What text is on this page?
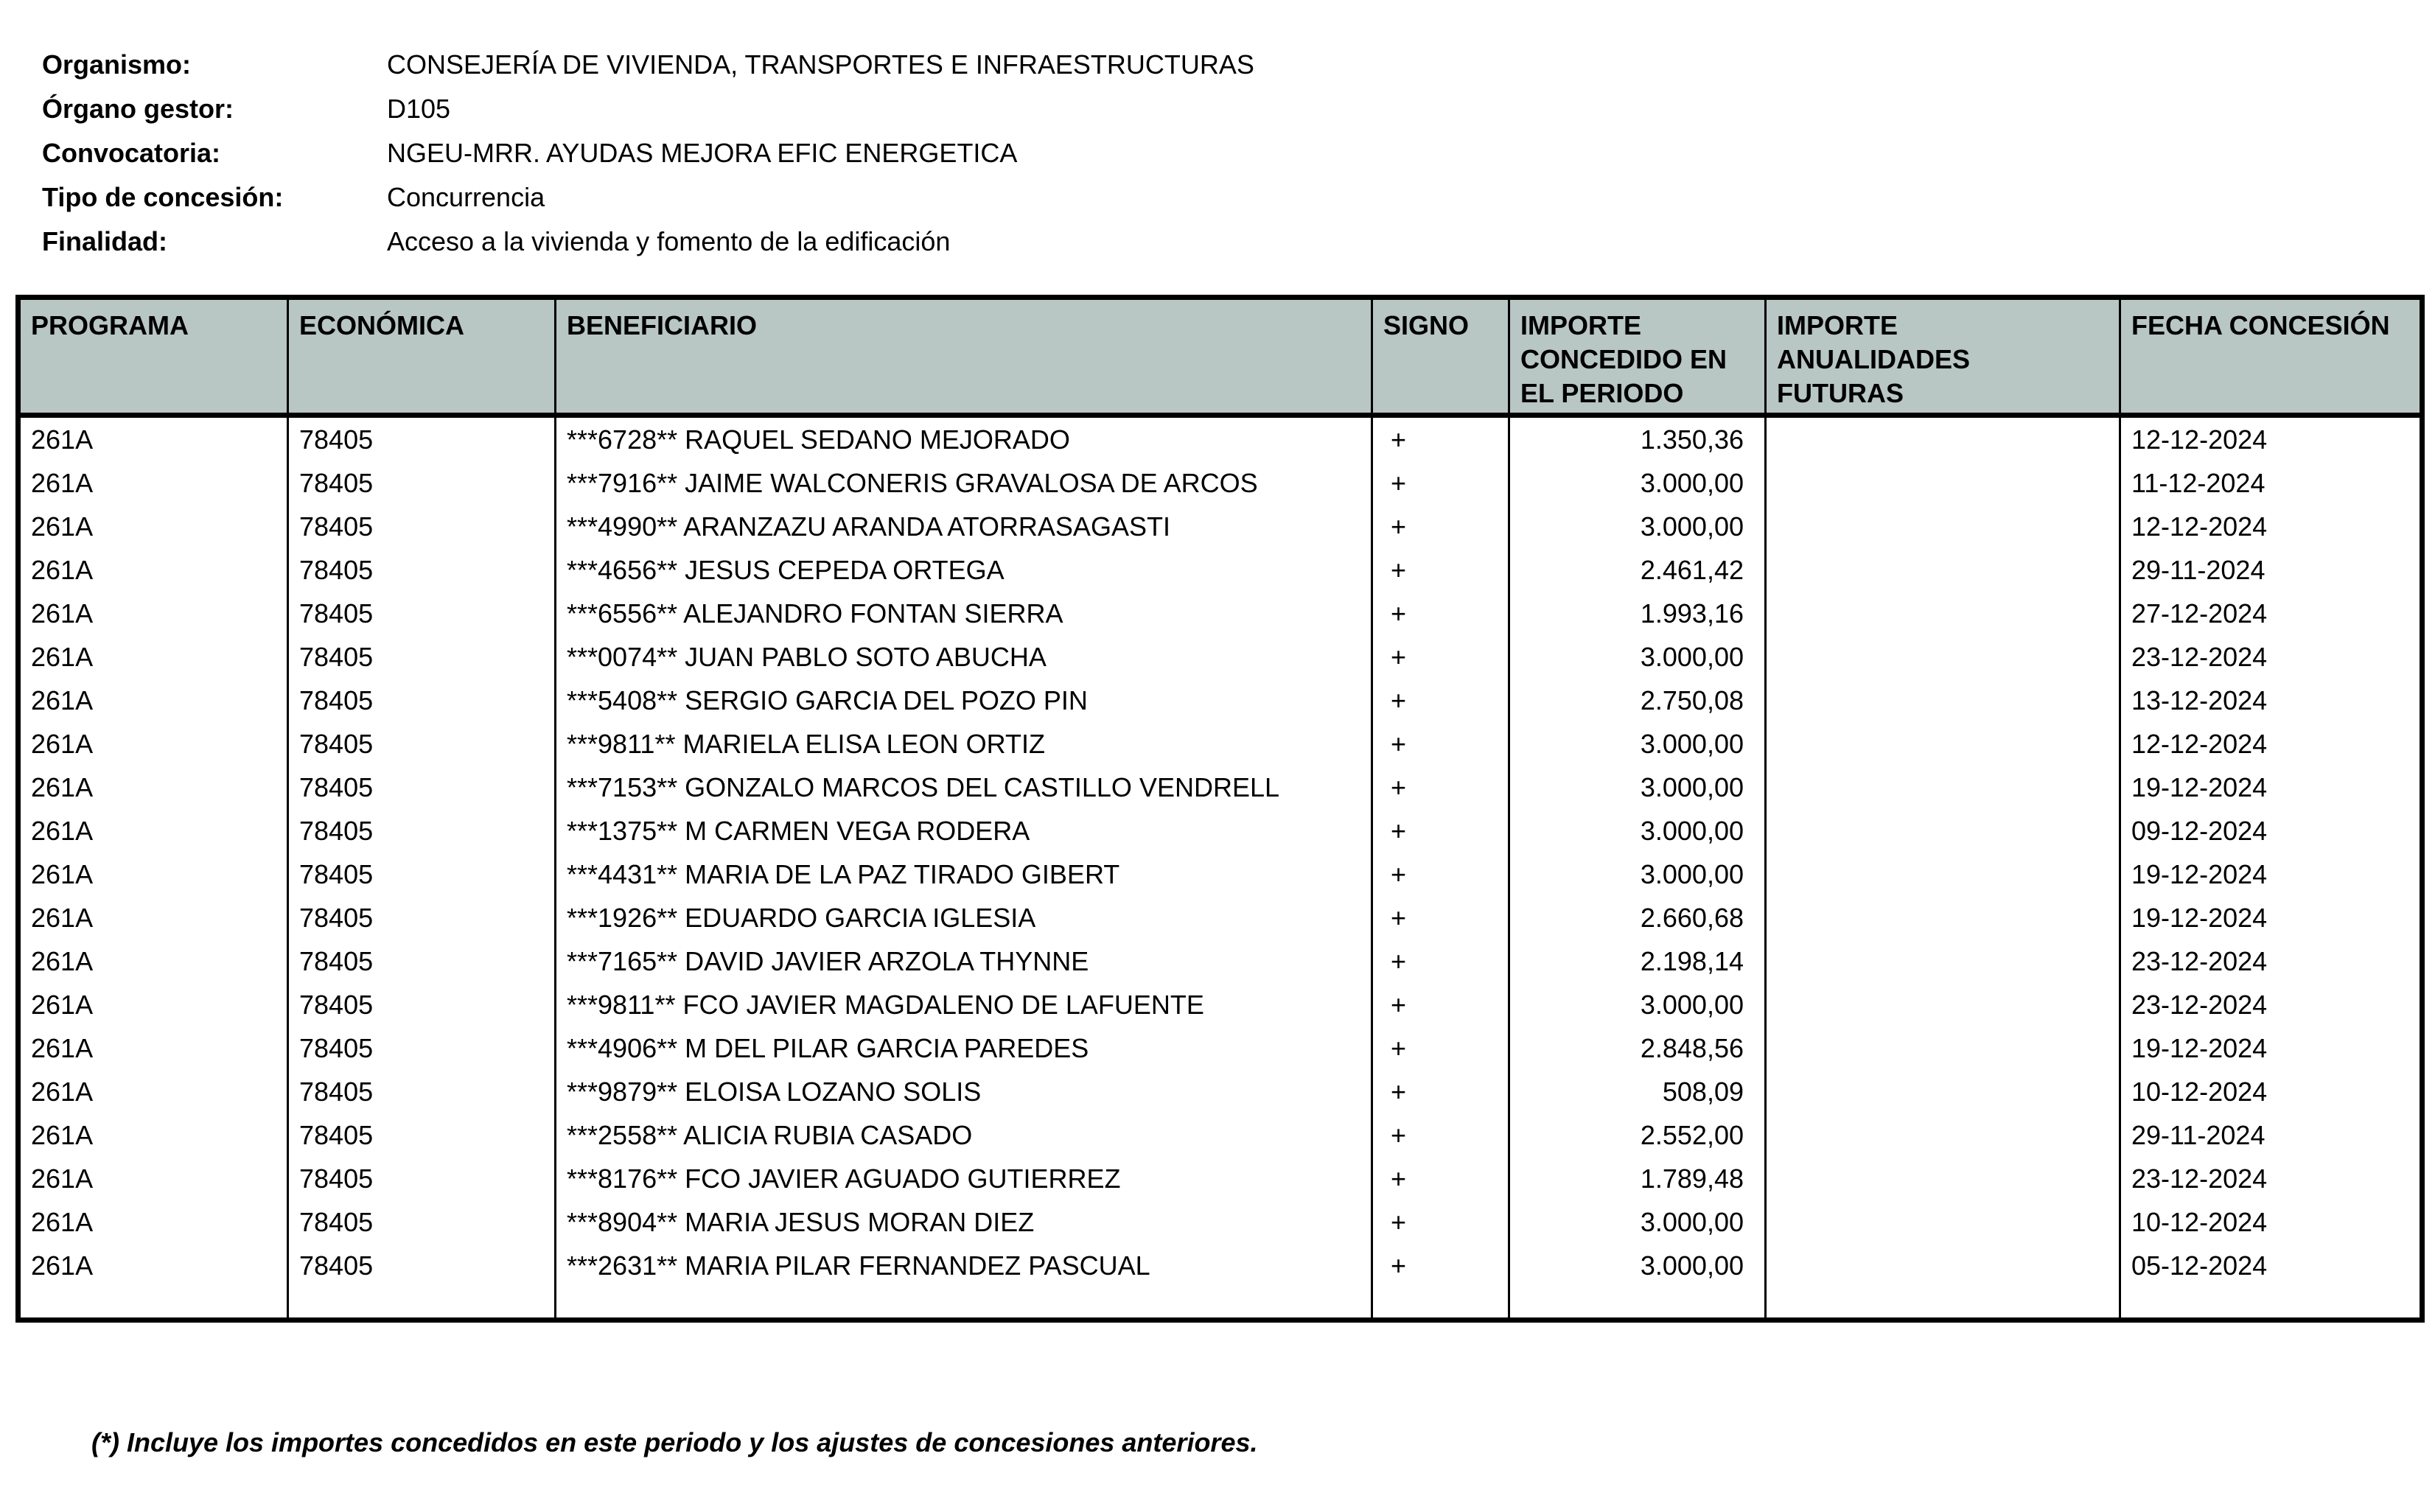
Organismo:	CONSEJERÍA DE VIVIENDA, TRANSPORTES E INFRAESTRUCTURAS
Órgano gestor:	D105
Convocatoria:	NGEU-MRR. AYUDAS MEJORA EFIC ENERGETICA
Tipo de concesión:	Concurrencia
Finalidad:	Acceso a la vivienda y fomento de la edificación
PROGRAMA	ECONÓMICA	BENEFICIARIO	SIGNO	IMPORTE CONCEDIDO EN EL PERIODO	IMPORTE ANUALIDADES FUTURAS	FECHA CONCESIÓN
261A	78405	***6728** RAQUEL SEDANO MEJORADO	+	1.350,36		12-12-2024
261A	78405	***7916** JAIME WALCONERIS GRAVALOSA DE ARCOS	+	3.000,00		11-12-2024
261A	78405	***4990** ARANZAZU ARANDA ATORRASAGASTI	+	3.000,00		12-12-2024
261A	78405	***4656** JESUS CEPEDA ORTEGA	+	2.461,42		29-11-2024
261A	78405	***6556** ALEJANDRO FONTAN SIERRA	+	1.993,16		27-12-2024
261A	78405	***0074** JUAN PABLO SOTO ABUCHA	+	3.000,00		23-12-2024
261A	78405	***5408** SERGIO GARCIA DEL POZO PIN	+	2.750,08		13-12-2024
261A	78405	***9811** MARIELA ELISA LEON ORTIZ	+	3.000,00		12-12-2024
261A	78405	***7153** GONZALO MARCOS DEL CASTILLO VENDRELL	+	3.000,00		19-12-2024
261A	78405	***1375** M CARMEN VEGA RODERA	+	3.000,00		09-12-2024
261A	78405	***4431** MARIA DE LA PAZ TIRADO GIBERT	+	3.000,00		19-12-2024
261A	78405	***1926** EDUARDO GARCIA IGLESIA	+	2.660,68		19-12-2024
261A	78405	***7165** DAVID JAVIER ARZOLA THYNNE	+	2.198,14		23-12-2024
261A	78405	***9811** FCO JAVIER MAGDALENO DE LAFUENTE	+	3.000,00		23-12-2024
261A	78405	***4906** M DEL PILAR GARCIA PAREDES	+	2.848,56		19-12-2024
261A	78405	***9879** ELOISA LOZANO SOLIS	+	508,09		10-12-2024
261A	78405	***2558** ALICIA RUBIA CASADO	+	2.552,00		29-11-2024
261A	78405	***8176** FCO JAVIER AGUADO GUTIERREZ	+	1.789,48		23-12-2024
261A	78405	***8904** MARIA JESUS MORAN DIEZ	+	3.000,00		10-12-2024
261A	78405	***2631** MARIA PILAR FERNANDEZ PASCUAL	+	3.000,00		05-12-2024

(*) Incluye los importes concedidos en este periodo y los ajustes de concesiones anteriores.
